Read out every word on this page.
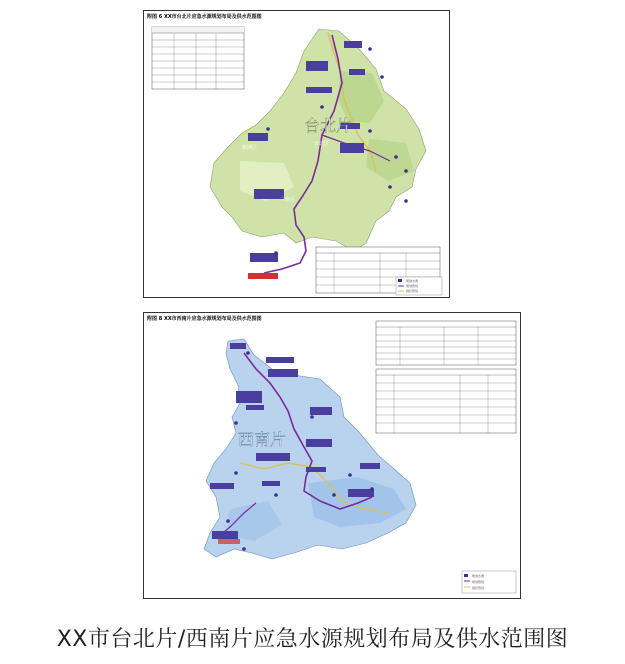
附图 6 XX市台北片应急水源规划布局及供水范围图
规划水源
规划管线
现状管线
台北片
新洲区
台北区
三余区
附图 8 XX市西南片应急水源规划布局及供水范围图
规划水源
规划管线
现状管线
西南片
XX市台北片/西南片应急水源规划布局及供水范围图
